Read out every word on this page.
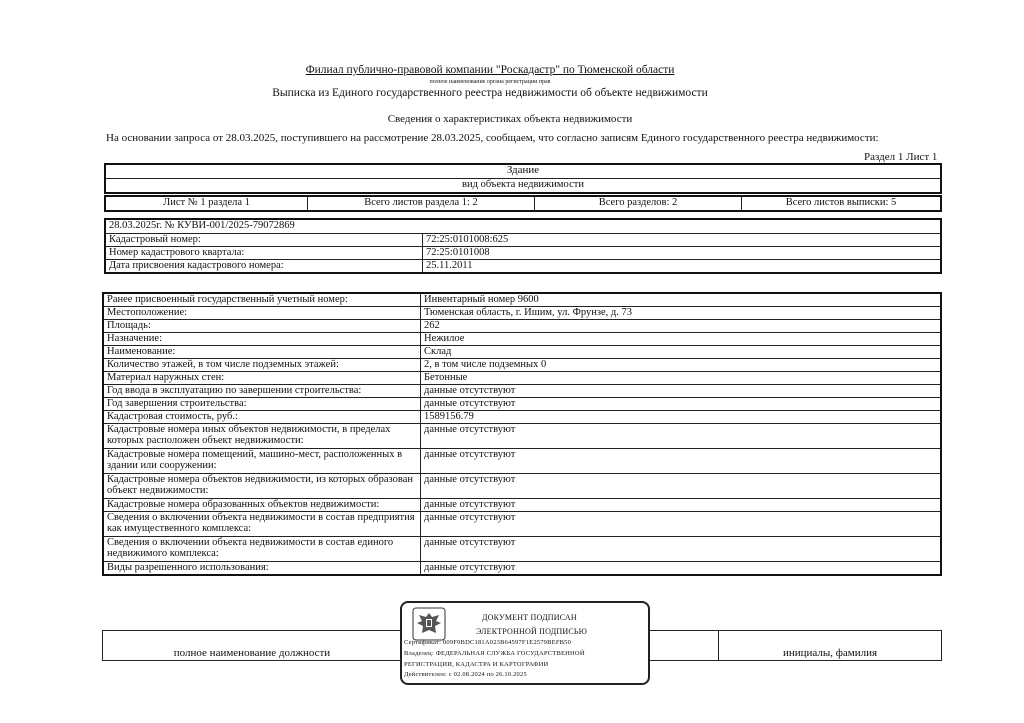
Филиал публично-правовой компании "Роскадастр" по Тюменской области
полное наименование органа регистрации прав
Выписка из Единого государственного реестра недвижимости об объекте недвижимости
Сведения о характеристиках объекта недвижимости
На основании запроса от 28.03.2025, поступившего на рассмотрение 28.03.2025, сообщаем, что согласно записям Единого государственного реестра недвижимости:
Раздел 1 Лист 1
Здание
вид объекта недвижимости
Лист № 1 раздела 1	Всего листов раздела 1: 2	Всего разделов: 2	Всего листов выписки: 5
28.03.2025г. № КУВИ-001/2025-79072869	
Кадастровый номер:	72:25:0101008:625
Номер кадастрового квартала:	72:25:0101008
Дата присвоения кадастрового номера:	25.11.2011
Ранее присвоенный государственный учетный номер:	Инвентарный номер 9600
Местоположение:	Тюменская область, г. Ишим, ул. Фрунзе, д. 73
Площадь:	262
Назначение:	Нежилое
Наименование:	Склад
Количество этажей, в том числе подземных этажей:	2, в том числе подземных 0
Материал наружных стен:	Бетонные
Год ввода в эксплуатацию по завершении строительства:	данные отсутствуют
Год завершения строительства:	данные отсутствуют
Кадастровая стоимость, руб.:	1589156.79
Кадастровые номера иных объектов недвижимости, в пределах которых расположен объект недвижимости:	данные отсутствуют
Кадастровые номера помещений, машино-мест, расположенных в здании или сооружении:	данные отсутствуют
Кадастровые номера объектов недвижимости, из которых образован объект недвижимости:	данные отсутствуют
Кадастровые номера образованных объектов недвижимости:	данные отсутствуют
Сведения о включении объекта недвижимости в состав предприятия как имущественного комплекса:	данные отсутствуют
Сведения о включении объекта недвижимости в состав единого недвижимого комплекса:	данные отсутствуют
Виды разрешенного использования:	данные отсутствуют
полное наименование должности	инициалы, фамилия
ДОКУМЕНТ ПОДПИСАН
ЭЛЕКТРОННОЙ ПОДПИСЬЮ
Сертификат: 009F0BDC181A023B64597F1E2579BEFB50
Владелец: ФЕДЕРАЛЬНАЯ СЛУЖБА ГОСУДАРСТВЕННОЙ
РЕГИСТРАЦИИ, КАДАСТРА И КАРТОГРАФИИ
Действителен: с 02.08.2024 по 26.10.2025
